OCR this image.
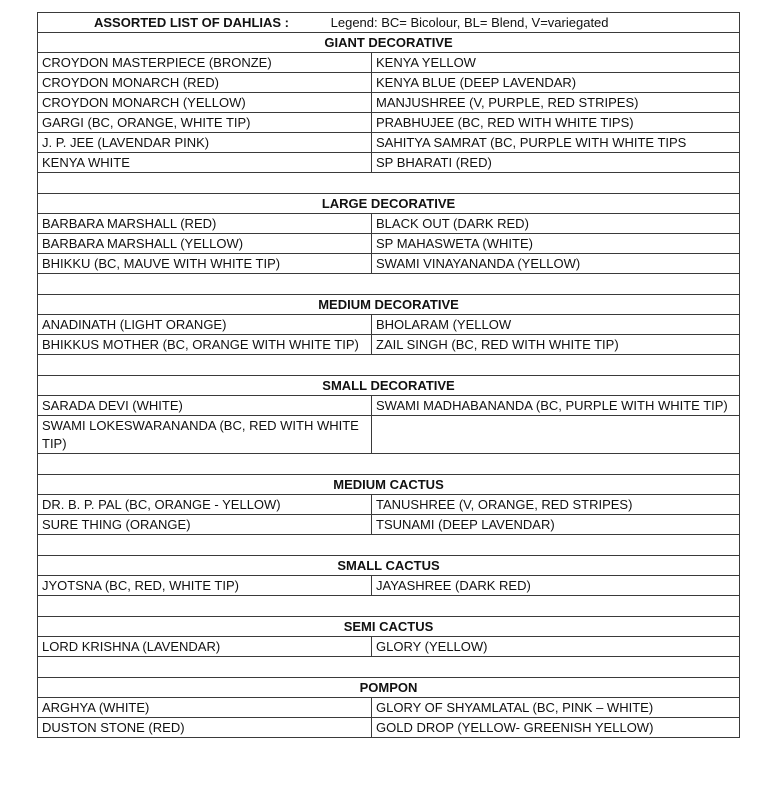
ASSORTED LIST OF DAHLIAS : Legend: BC= Bicolour, BL= Blend, V=variegated	
GIANT DECORATIVE	
CROYDON MASTERPIECE (BRONZE)	KENYA YELLOW
CROYDON MONARCH (RED)	KENYA BLUE (DEEP LAVENDAR)
CROYDON MONARCH (YELLOW)	MANJUSHREE (V, PURPLE, RED STRIPES)
GARGI (BC, ORANGE, WHITE TIP)	PRABHUJEE (BC, RED WITH WHITE TIPS)
J. P. JEE (LAVENDAR PINK)	SAHITYA SAMRAT (BC, PURPLE WITH WHITE TIPS
KENYA WHITE	SP BHARATI (RED)

LARGE DECORATIVE	
BARBARA MARSHALL (RED)	BLACK OUT (DARK RED)
BARBARA MARSHALL (YELLOW)	SP MAHASWETA (WHITE)
BHIKKU (BC, MAUVE WITH WHITE TIP)	SWAMI VINAYANANDA (YELLOW)

MEDIUM DECORATIVE	
ANADINATH (LIGHT ORANGE)	BHOLARAM (YELLOW
BHIKKUS MOTHER (BC, ORANGE WITH WHITE TIP)	ZAIL SINGH (BC, RED WITH WHITE TIP)

SMALL DECORATIVE	
SARADA DEVI (WHITE)	SWAMI MADHABANANDA (BC, PURPLE WITH WHITE TIP)
SWAMI LOKESWARANANDA (BC, RED WITH WHITE TIP)	

MEDIUM CACTUS	
DR. B. P. PAL (BC, ORANGE - YELLOW)	TANUSHREE (V, ORANGE, RED STRIPES)
SURE THING (ORANGE)	TSUNAMI (DEEP LAVENDAR)

SMALL CACTUS	
JYOTSNA (BC, RED, WHITE TIP)	JAYASHREE (DARK RED)

SEMI CACTUS	
LORD KRISHNA (LAVENDAR)	GLORY (YELLOW)

POMPON	
ARGHYA (WHITE)	GLORY OF SHYAMLATAL (BC, PINK – WHITE)
DUSTON STONE (RED)	GOLD DROP (YELLOW- GREENISH YELLOW)
